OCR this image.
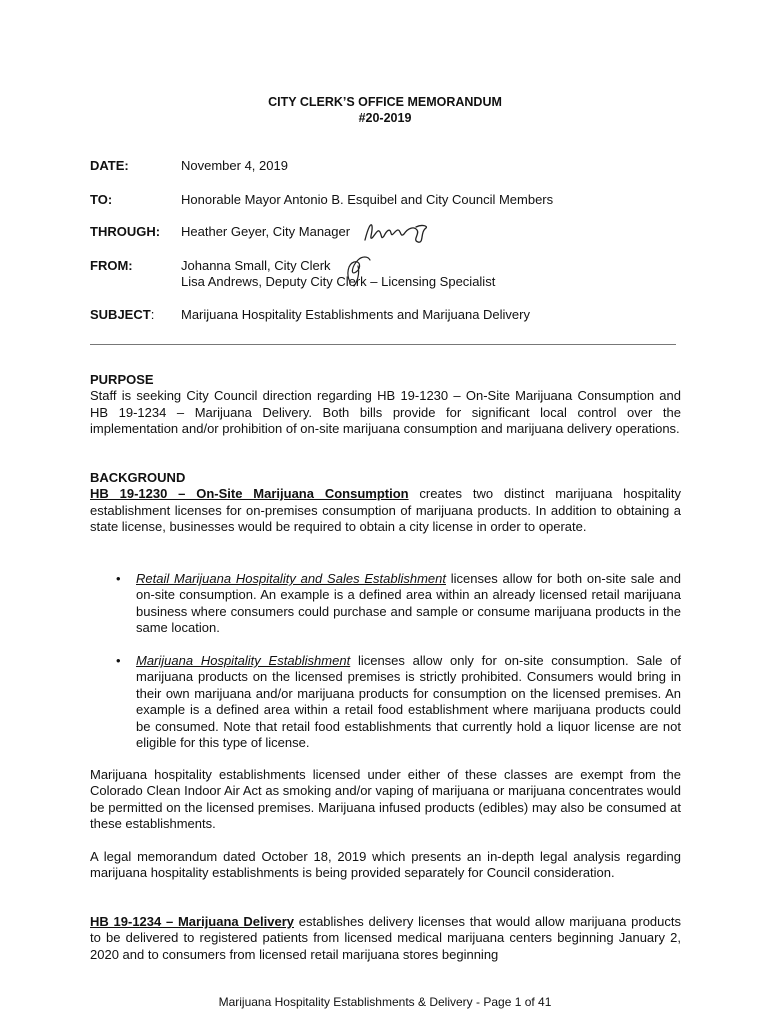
CITY CLERK’S OFFICE MEMORANDUM
#20-2019
DATE:	November 4, 2019
TO:	Honorable Mayor Antonio B. Esquibel and City Council Members
THROUGH: Heather Geyer, City Manager
FROM:	Johanna Small, City Clerk
Lisa Andrews, Deputy City Clerk – Licensing Specialist
SUBJECT: Marijuana Hospitality Establishments and Marijuana Delivery
PURPOSE
Staff is seeking City Council direction regarding HB 19-1230 – On-Site Marijuana Consumption and HB 19-1234 – Marijuana Delivery. Both bills provide for significant local control over the implementation and/or prohibition of on-site marijuana consumption and marijuana delivery operations.
BACKGROUND
HB 19-1230 – On-Site Marijuana Consumption creates two distinct marijuana hospitality establishment licenses for on-premises consumption of marijuana products. In addition to obtaining a state license, businesses would be required to obtain a city license in order to operate.
• Retail Marijuana Hospitality and Sales Establishment licenses allow for both on-site sale and on-site consumption. An example is a defined area within an already licensed retail marijuana business where consumers could purchase and sample or consume marijuana products in the same location.
• Marijuana Hospitality Establishment licenses allow only for on-site consumption. Sale of marijuana products on the licensed premises is strictly prohibited. Consumers would bring in their own marijuana and/or marijuana products for consumption on the licensed premises. An example is a defined area within a retail food establishment where marijuana products could be consumed. Note that retail food establishments that currently hold a liquor license are not eligible for this type of license.
Marijuana hospitality establishments licensed under either of these classes are exempt from the Colorado Clean Indoor Air Act as smoking and/or vaping of marijuana or marijuana concentrates would be permitted on the licensed premises. Marijuana infused products (edibles) may also be consumed at these establishments.
A legal memorandum dated October 18, 2019 which presents an in-depth legal analysis regarding marijuana hospitality establishments is being provided separately for Council consideration.
HB 19-1234 – Marijuana Delivery establishes delivery licenses that would allow marijuana products to be delivered to registered patients from licensed medical marijuana centers beginning January 2, 2020 and to consumers from licensed retail marijuana stores beginning
Marijuana Hospitality Establishments & Delivery - Page 1 of 41
